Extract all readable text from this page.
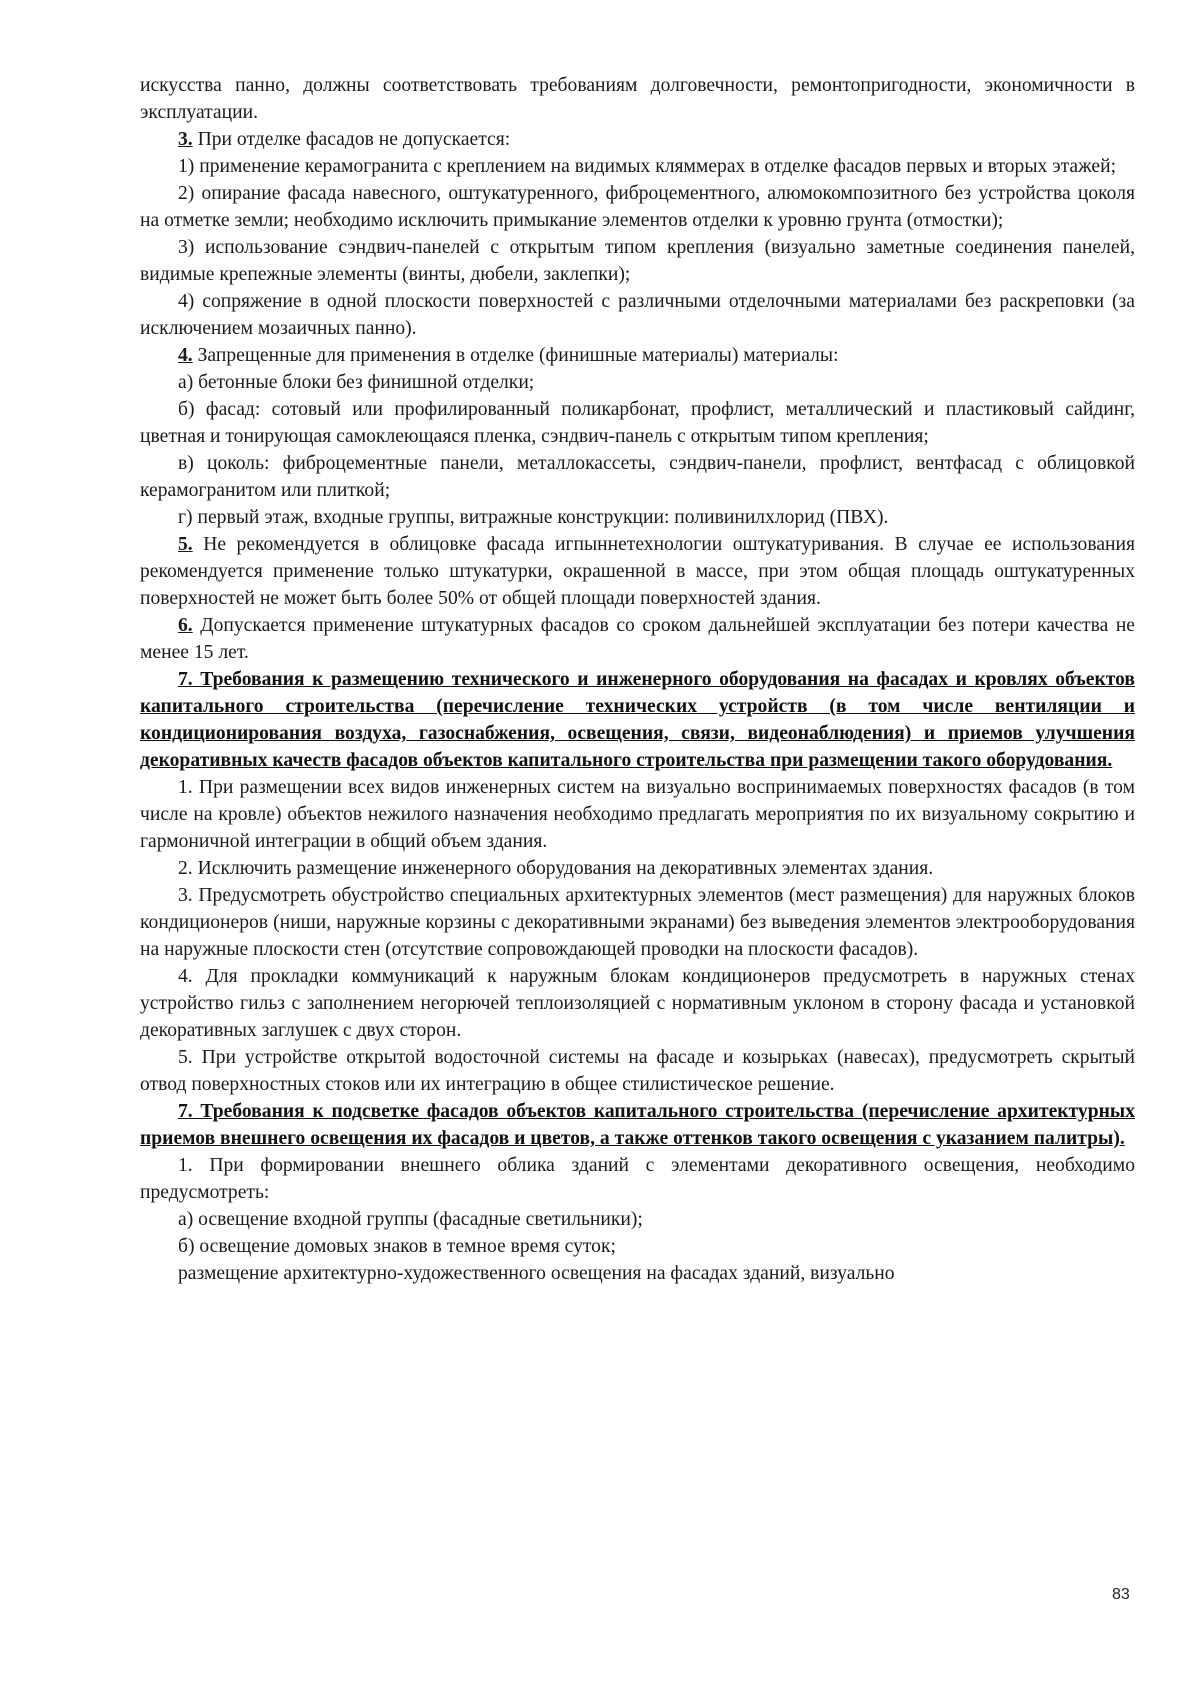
искусства панно, должны соответствовать требованиям долговечности, ремонтопригодности, экономичности в эксплуатации.

3. При отделке фасадов не допускается:

1) применение керамогранита с креплением на видимых кляммерах в отделке фасадов первых и вторых этажей;

2) опирание фасада навесного, оштукатуренного, фиброцементного, алюмокомпозитного без устройства цоколя на отметке земли; необходимо исключить примыкание элементов отделки к уровню грунта (отмостки);

3) использование сэндвич-панелей с открытым типом крепления (визуально заметные соединения панелей, видимые крепежные элементы (винты, дюбели, заклепки);

4) сопряжение в одной плоскости поверхностей с различными отделочными материалами без раскреповки (за исключением мозаичных панно).

4. Запрещенные для применения в отделке (финишные материалы) материалы:

а) бетонные блоки без финишной отделки;

б) фасад: сотовый или профилированный поликарбонат, профлист, металлический и пластиковый сайдинг, цветная и тонирующая самоклеющаяся пленка, сэндвич-панель с открытым типом крепления;

в) цоколь: фиброцементные панели, металлокассеты, сэндвич-панели, профлист, вентфасад с облицовкой керамогранитом или плиткой;

г) первый этаж, входные группы, витражные конструкции: поливинилхлорид (ПВХ).

5. Не рекомендуется в облицовке фасада игпыннетехнологии оштукатуривания. В случае ее использования рекомендуется применение только штукатурки, окрашенной в массе, при этом общая площадь оштукатуренных поверхностей не может быть более 50% от общей площади поверхностей здания.

6. Допускается применение штукатурных фасадов со сроком дальнейшей эксплуатации без потери качества не менее 15 лет.

7. Требования к размещению технического и инженерного оборудования на фасадах и кровлях объектов капитального строительства (перечисление технических устройств (в том числе вентиляции и кондиционирования воздуха, газоснабжения, освещения, связи, видеонаблюдения) и приемов улучшения декоративных качеств фасадов объектов капитального строительства при размещении такого оборудования.

1. При размещении всех видов инженерных систем на визуально воспринимаемых поверхностях фасадов (в том числе на кровле) объектов нежилого назначения необходимо предлагать мероприятия по их визуальному сокрытию и гармоничной интеграции в общий объем здания.

2. Исключить размещение инженерного оборудования на декоративных элементах здания.

3. Предусмотреть обустройство специальных архитектурных элементов (мест размещения) для наружных блоков кондиционеров (ниши, наружные корзины с декоративными экранами) без выведения элементов электрооборудования на наружные плоскости стен (отсутствие сопровождающей проводки на плоскости фасадов).

4. Для прокладки коммуникаций к наружным блокам кондиционеров предусмотреть в наружных стенах устройство гильз с заполнением негорючей теплоизоляцией с нормативным уклоном в сторону фасада и установкой декоративных заглушек с двух сторон.

5. При устройстве открытой водосточной системы на фасаде и козырьках (навесах), предусмотреть скрытый отвод поверхностных стоков или их интеграцию в общее стилистическое решение.

7. Требования к подсветке фасадов объектов капитального строительства (перечисление архитектурных приемов внешнего освещения их фасадов и цветов, а также оттенков такого освещения с указанием палитры).

1. При формировании внешнего облика зданий с элементами декоративного освещения, необходимо предусмотреть:

а) освещение входной группы (фасадные светильники);

б) освещение домовых знаков в темное время суток;

размещение архитектурно-художественного освещения на фасадах зданий, визуально

83
